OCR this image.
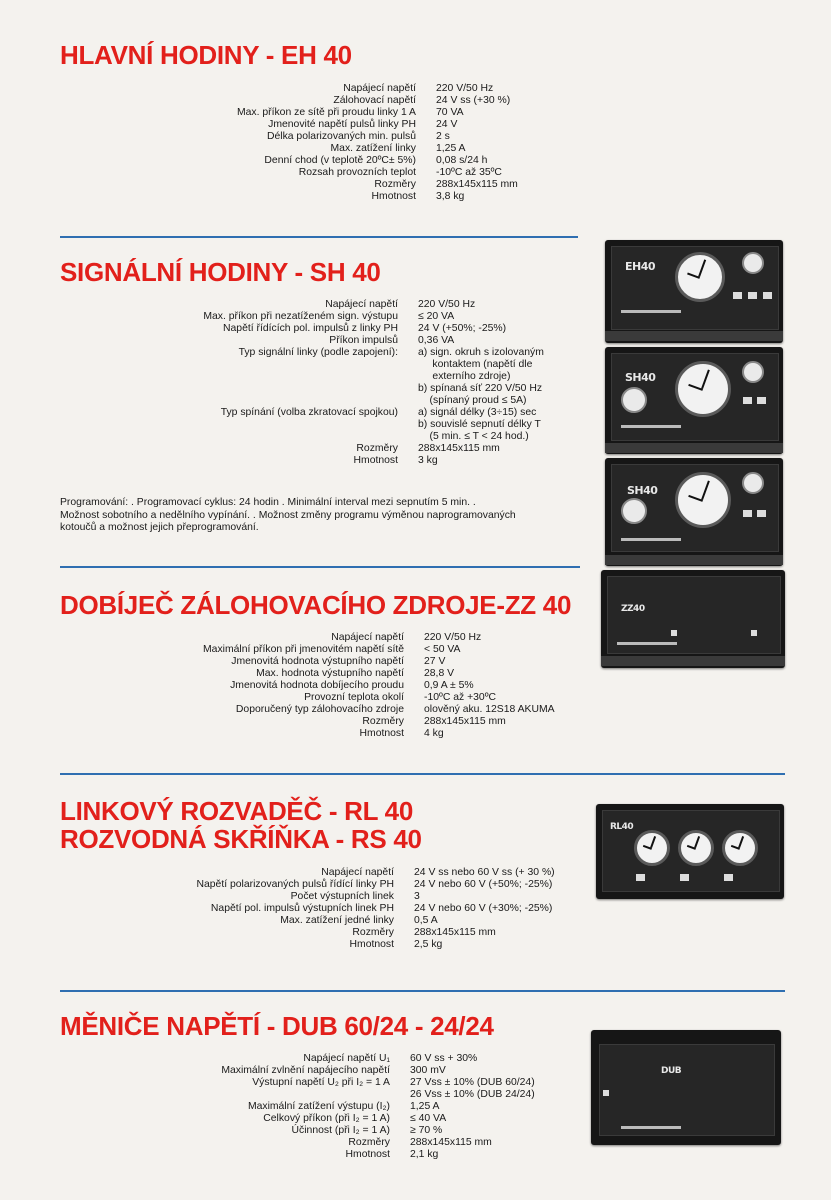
HLAVNÍ HODINY - EH 40
Napájecí napětí	220 V/50 Hz
Zálohovací napětí	24 V ss (+30 %)
Max. příkon ze sítě při proudu linky 1 A	70 VA
Jmenovité napětí pulsů linky PH	24 V
Délka polarizovaných min. pulsů	2 s
Max. zatížení linky	1,25 A
Denní chod (v teplotě 20ºC± 5%)	0,08 s/24 h
Rozsah provozních teplot	-10ºC až 35ºC
Rozměry	288x145x115 mm
Hmotnost	3,8 kg
SIGNÁLNÍ HODINY - SH 40
Napájecí napětí	220 V/50 Hz
Max. příkon při nezatíženém sign. výstupu	≤ 20 VA
Napětí řídících pol. impulsů z linky PH	24 V (+50%; -25%)
Příkon impulsů	0,36 VA
Typ signální linky (podle zapojení):	a) sign. okruh s izolovaným
kontaktem (napětí dle
externího zdroje)
b) spínaná síť 220 V/50 Hz
(spínaný proud ≤ 5A)
Typ spínání (volba zkratovací spojkou)	a) signál délky (3÷15) sec
b) souvislé sepnutí délky T
(5 min. ≤ T < 24 hod.)
Rozměry	288x145x115 mm
Hmotnost	3 kg

Programování: . Programovací cyklus: 24 hodin . Minimální interval mezi sepnutím 5 min. .

Možnost sobotního a nedělního vypínání. . Možnost změny programu výměnou naprogramovaných

kotoučů a možnost jejich přeprogramování.

DOBÍJEČ ZÁLOHOVACÍHO ZDROJE-ZZ 40
Napájecí napětí	220 V/50 Hz
Maximální příkon při jmenovitém napětí sítě	< 50 VA
Jmenovitá hodnota výstupního napětí	27 V
Max. hodnota výstupního napětí	28,8 V
Jmenovitá hodnota dobíjecího proudu	0,9 A ± 5%
Provozní teplota okolí	-10ºC až +30ºC
Doporučený typ zálohovacího zdroje	olověný aku. 12S18 AKUMA
Rozměry	288x145x115 mm
Hmotnost	4 kg
LINKOVÝ ROZVADĚČ - RL 40
ROZVODNÁ SKŘÍŇKA - RS 40
Napájecí napětí	24 V ss nebo 60 V ss (+ 30 %)
Napětí polarizovaných pulsů řídící linky PH	24 V nebo 60 V (+50%; -25%)
Počet výstupních linek	3
Napětí pol. impulsů výstupních linek PH	24 V nebo 60 V (+30%; -25%)
Max. zatížení jedné linky	0,5 A
Rozměry	288x145x115 mm
Hmotnost	2,5 kg
MĚNIČE NAPĚTÍ - DUB 60/24 - 24/24
Napájecí napětí U₁	60 V ss + 30%
Maximální zvlnění napájecího napětí	300 mV
Výstupní napětí U₂ při I₂ = 1 A	27 Vss ± 10% (DUB 60/24)
26 Vss ± 10% (DUB 24/24)
Maximální zatížení výstupu (I₂)	1,25 A
Celkový příkon (při I₂ = 1 A)	≤ 40 VA
Účinnost (při I₂ = 1 A)	≥ 70 %
Rozměry	288x145x115 mm
Hmotnost	2,1 kg
EH40
SH40
SH40
ZZ40
RL40
DUB
